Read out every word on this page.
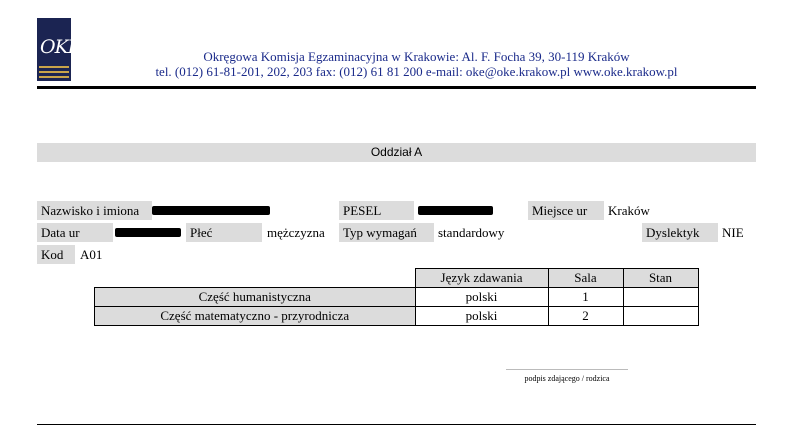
OKE	Okręgowa Komisja Egzaminacyjna w Krakowie: Al. F. Focha 39, 30-119 Kraków
tel. (012) 61-81-201, 202, 203 fax: (012) 61 81 200 e-mail: oke@oke.krakow.pl www.oke.krakow.pl
Oddział A
Nazwisko i imiona	PESEL	Miejsce ur	Kraków
Data ur	Płeć	mężczyzna	Typ wymagań	standardowy	Dyslektyk	NIE
Kod	A01
	Język zdawania	Sala	Stan
Część humanistyczna	polski	1	
Część matematyczno - przyrodnicza	polski	2	
podpis zdającego / rodzica
